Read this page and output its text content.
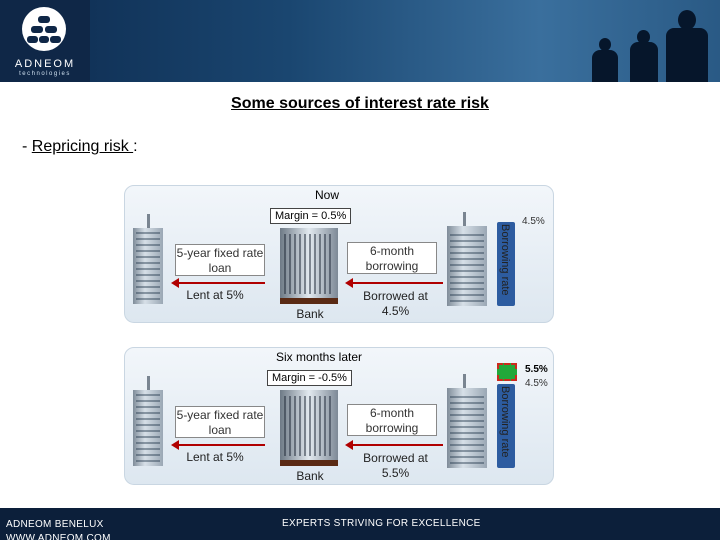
ADNEOM
technologies
Some sources of interest rate risk
- Repricing risk :
Now
Margin = 0.5%
5-year fixed rate loan
Lent at 5%
Bank
6-month borrowing
Borrowed at 4.5%
Borrowing rate
4.5%
Six months later
Margin = -0.5%
5-year fixed rate loan
Lent at 5%
Bank
6-month borrowing
Borrowed at 5.5%
Borrowing rate
5.5%
4.5%
ADNEOM BENELUX
WWW.ADNEOM.COM
EXPERTS STRIVING FOR EXCELLENCE
